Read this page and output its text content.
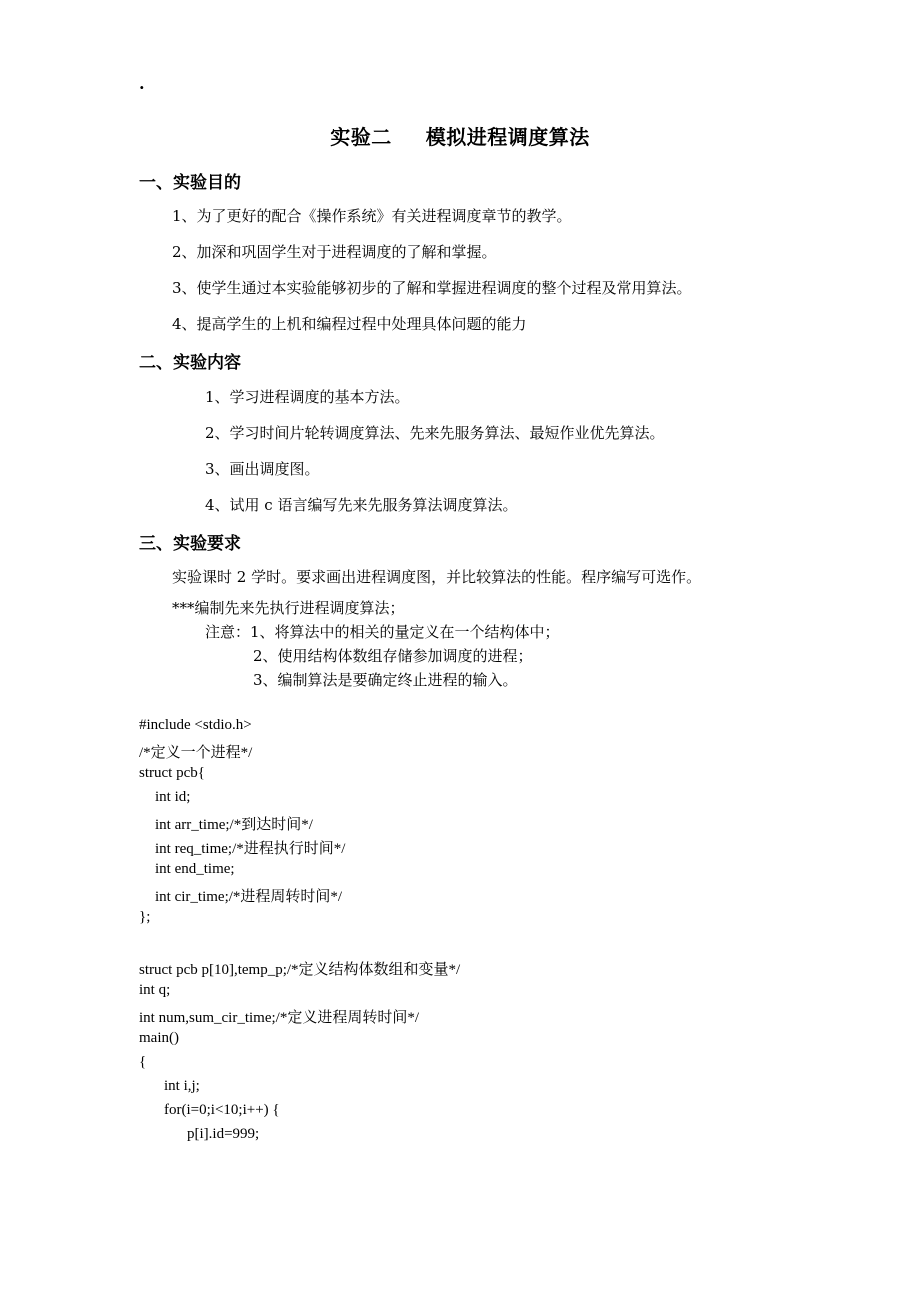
.
实验二 模拟进程调度算法
一、实验目的
1、为了更好的配合《操作系统》有关进程调度章节的教学。
2、加深和巩固学生对于进程调度的了解和掌握。
3、使学生通过本实验能够初步的了解和掌握进程调度的整个过程及常用算法。
4、提高学生的上机和编程过程中处理具体问题的能力
二、实验内容
1、学习进程调度的基本方法。
2、学习时间片轮转调度算法、先来先服务算法、最短作业优先算法。
3、画出调度图。
4、试用 c 语言编写先来先服务算法调度算法。
三、实验要求
实验课时 2 学时。要求画出进程调度图，并比较算法的性能。程序编写可选作。
***编制先来先执行进程调度算法；
注意：1、将算法中的相关的量定义在一个结构体中；
2、使用结构体数组存储参加调度的进程；
3、编制算法是要确定终止进程的输入。
#include <stdio.h>
/*定义一个进程*/
struct pcb{
int id;
int arr_time;/*到达时间*/
int req_time;/*进程执行时间*/
int end_time;
int cir_time;/*进程周转时间*/
};
struct pcb p[10],temp_p;/*定义结构体数组和变量*/
int q;
int num,sum_cir_time;/*定义进程周转时间*/
main()
{
int i,j;
for(i=0;i<10;i++) {
p[i].id=999;
